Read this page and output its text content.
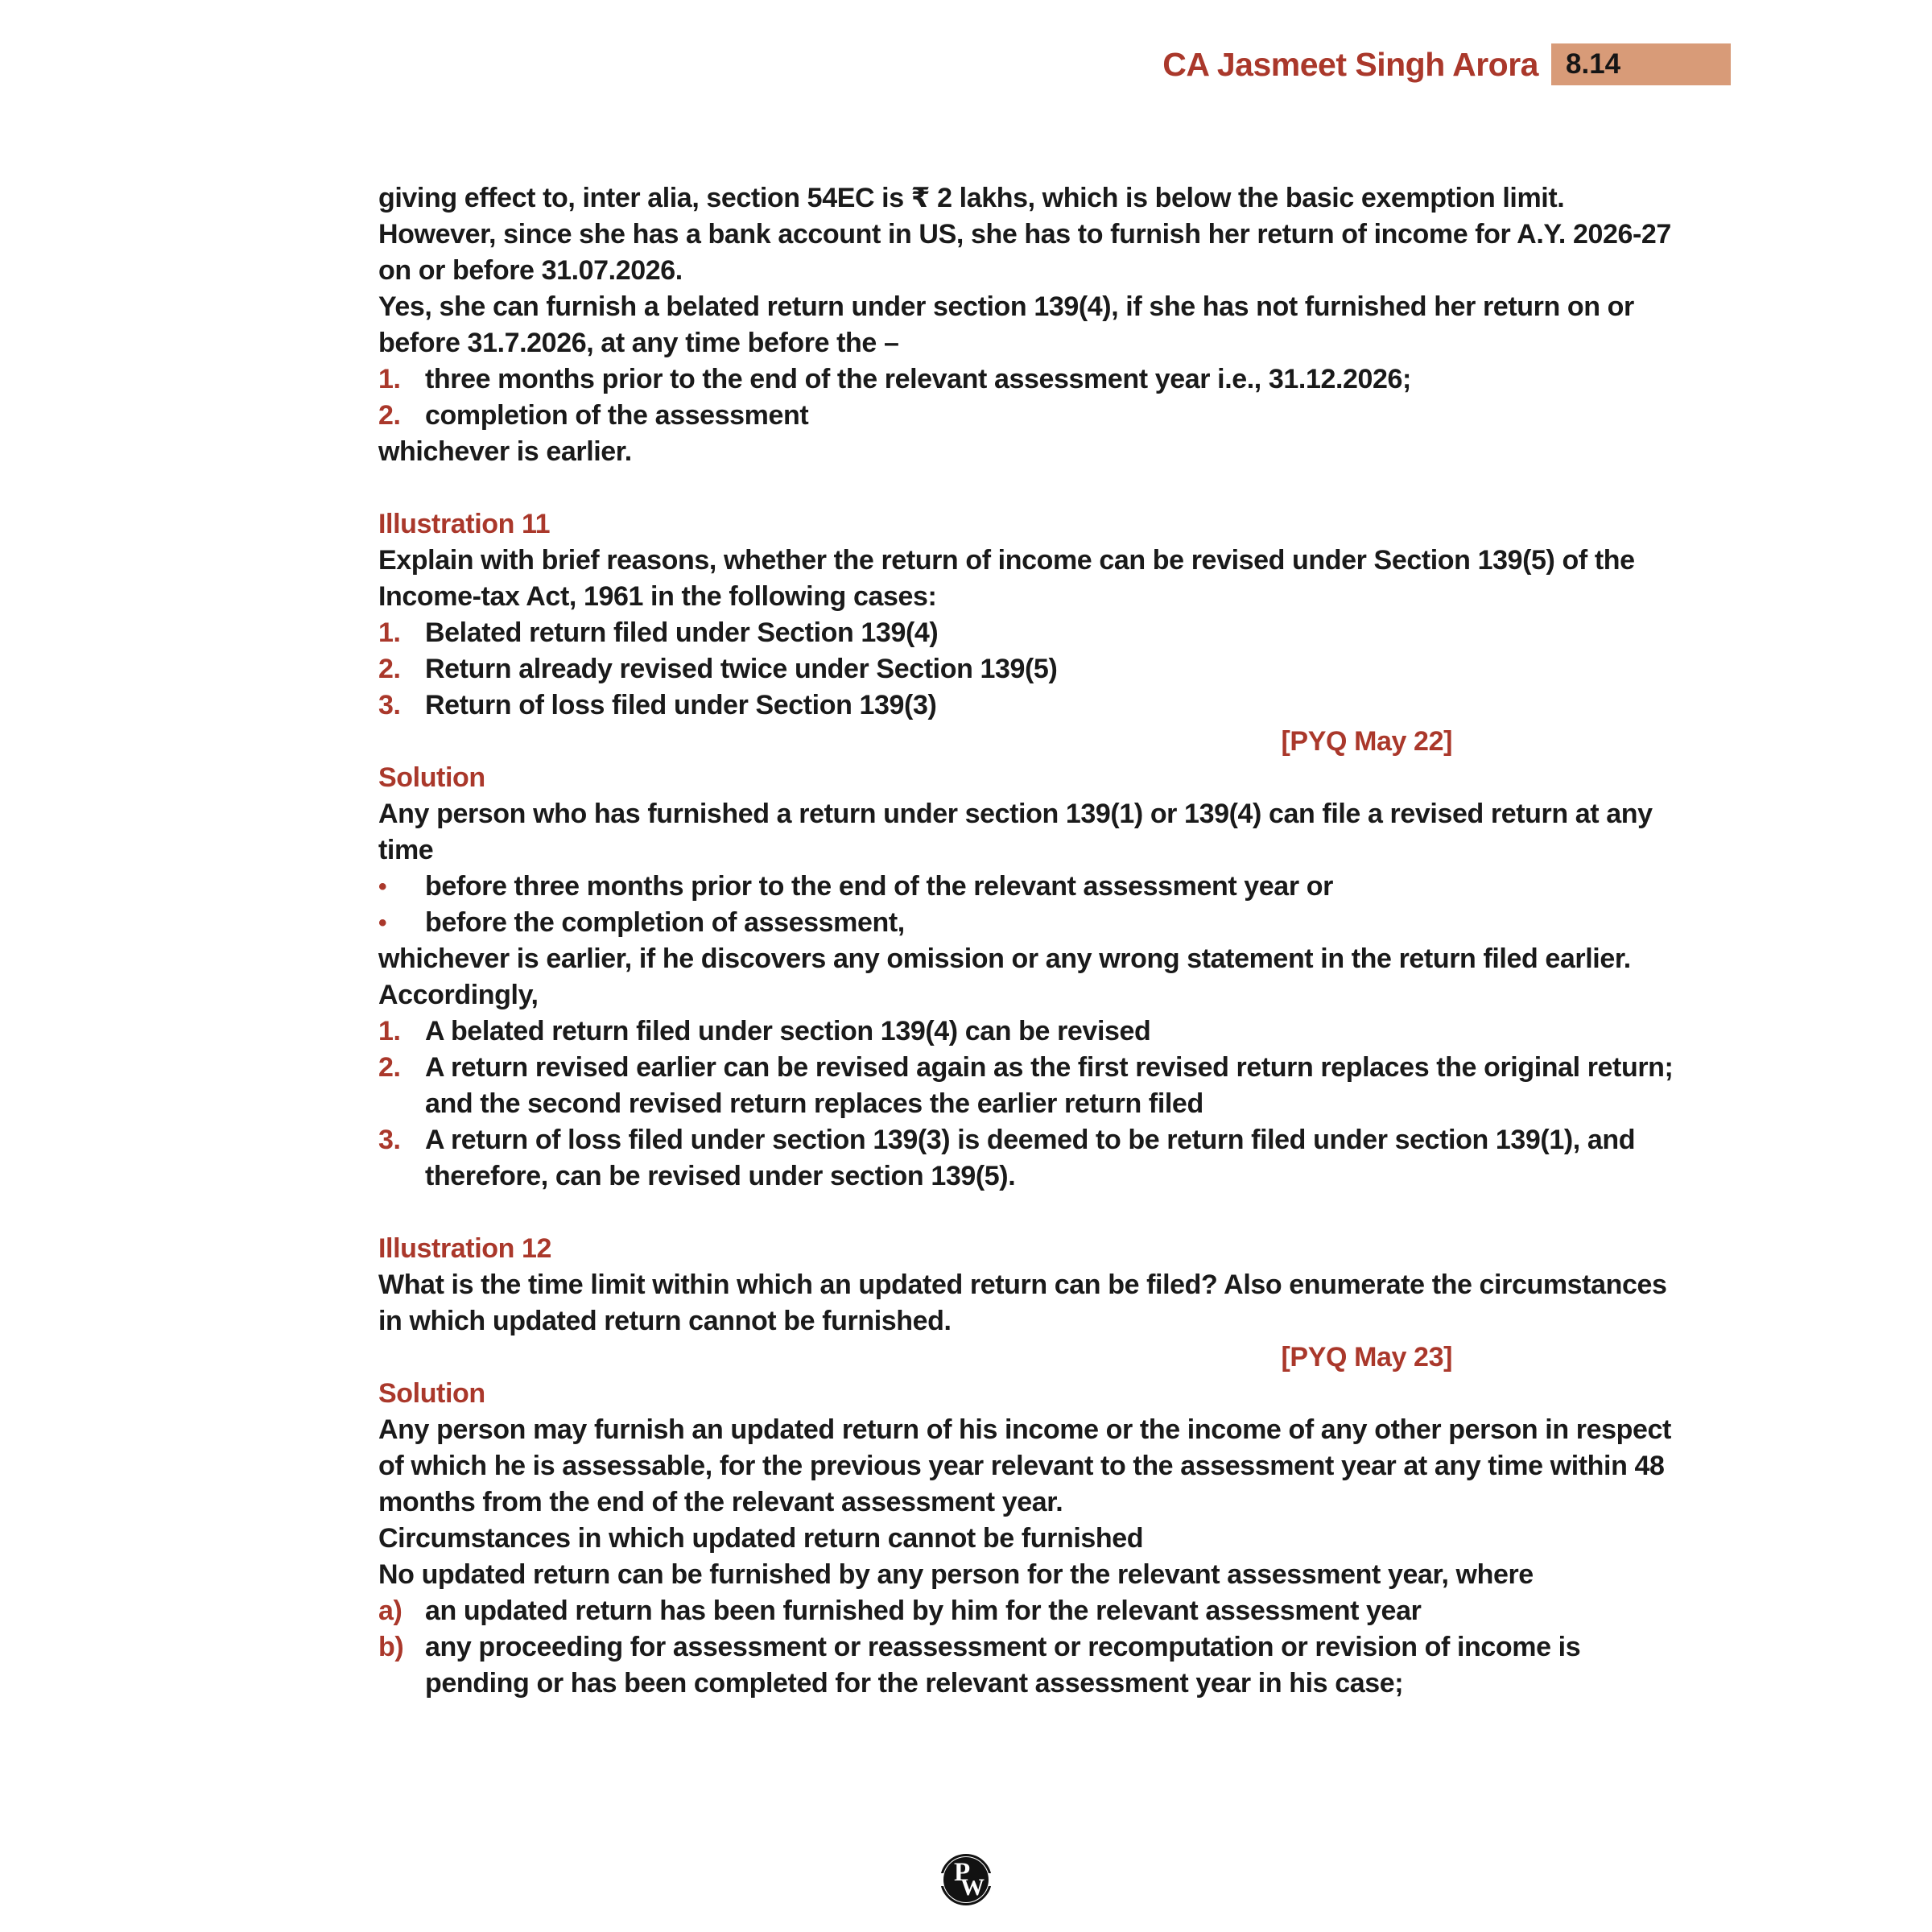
CA Jasmeet Singh Arora 8.14

giving effect to, inter alia, section 54EC is ₹ 2 lakhs, which is below the basic exemption limit. However, since she has a bank account in US, she has to furnish her return of income for A.Y. 2026-27 on or before 31.07.2026.

Yes, she can furnish a belated return under section 139(4), if she has not furnished her return on or before 31.7.2026, at any time before the –

1. three months prior to the end of the relevant assessment year i.e., 31.12.2026;
2. completion of the assessment

whichever is earlier.

Illustration 11

Explain with brief reasons, whether the return of income can be revised under Section 139(5) of the Income-tax Act, 1961 in the following cases:

1. Belated return filed under Section 139(4)
2. Return already revised twice under Section 139(5)
3. Return of loss filed under Section 139(3)

[PYQ May 22]

Solution

Any person who has furnished a return under section 139(1) or 139(4) can file a revised return at any time

•	before three months prior to the end of the relevant assessment year or
•	before the completion of assessment,

whichever is earlier, if he discovers any omission or any wrong statement in the return filed earlier. Accordingly,

1. A belated return filed under section 139(4) can be revised
2. A return revised earlier can be revised again as the first revised return replaces the original return; and the second revised return replaces the earlier return filed
3. A return of loss filed under section 139(3) is deemed to be return filed under section 139(1), and therefore, can be revised under section 139(5).

Illustration 12

What is the time limit within which an updated return can be filed? Also enumerate the circumstances in which updated return cannot be furnished.

[PYQ May 23]

Solution

Any person may furnish an updated return of his income or the income of any other person in respect of which he is assessable, for the previous year relevant to the assessment year at any time within 48 months from the end of the relevant assessment year.

Circumstances in which updated return cannot be furnished

No updated return can be furnished by any person for the relevant assessment year, where

a) an updated return has been furnished by him for the relevant assessment year
b) any proceeding for assessment or reassessment or recomputation or revision of income is pending or has been completed for the relevant assessment year in his case;
P
W
